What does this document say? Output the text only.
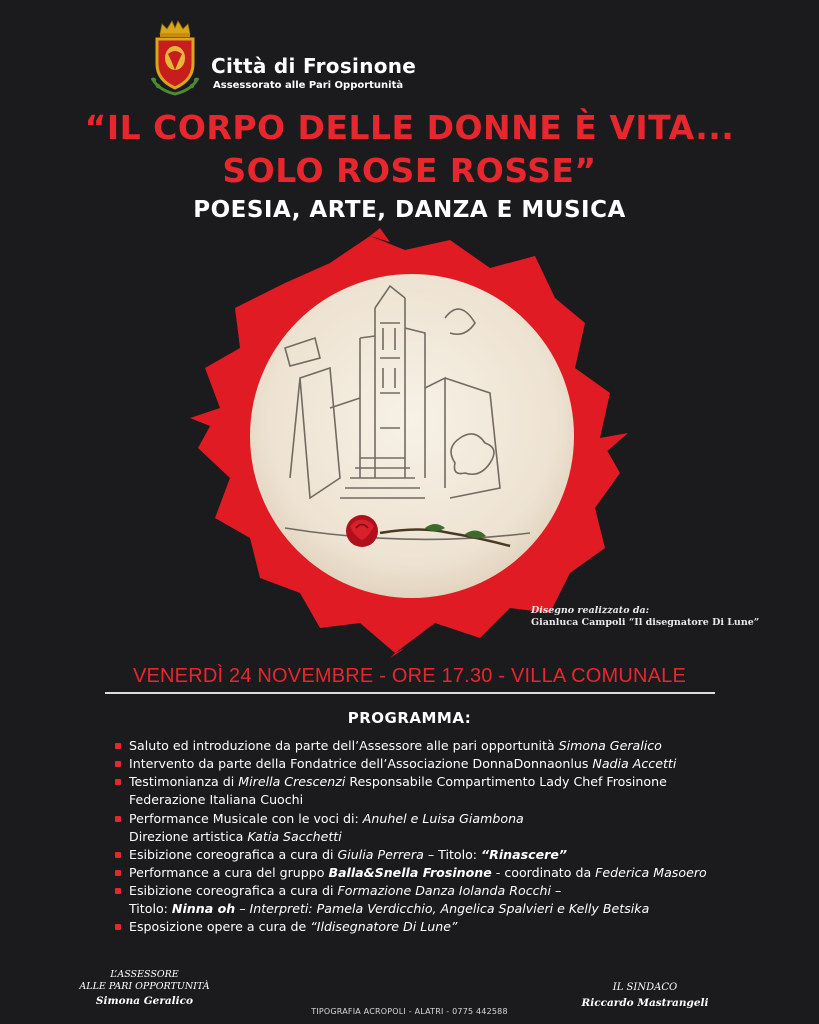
Città di Frosinone
Assessorato alle Pari Opportunità
“IL CORPO DELLE DONNE È VITA...
SOLO ROSE ROSSE”
POESIA, ARTE, DANZA E MUSICA
Disegno realizzato da:
Gianluca Campoli “Il disegnatore Di Lune”
VENERDÌ 24 NOVEMBRE - ORE 17.30 - VILLA COMUNALE
PROGRAMMA:
Saluto ed introduzione da parte dell’Assessore alle pari opportunità Simona Geralico
Intervento da parte della Fondatrice dell’Associazione DonnaDonnaonlus Nadia Accetti
Testimonianza di Mirella Crescenzi Responsabile Compartimento Lady Chef Frosinone
Federazione Italiana Cuochi
Performance Musicale con le voci di: Anuhel e Luisa Giambona
Direzione artistica Katia Sacchetti
Esibizione coreografica a cura di Giulia Perrera – Titolo: “Rinascere”
Performance a cura del gruppo Balla&Snella Frosinone - coordinato da Federica Masoero
Esibizione coreografica a cura di Formazione Danza Iolanda Rocchi –
Titolo: Ninna oh – Interpreti: Pamela Verdicchio, Angelica Spalvieri e Kelly Betsika
Esposizione opere a cura de “Ildisegnatore Di Lune”
L’ASSESSORE
ALLE PARI OPPORTUNITÀ
Simona Geralico
IL SINDACO
Riccardo Mastrangeli
TIPOGRAFIA ACROPOLI - ALATRI - 0775 442588
